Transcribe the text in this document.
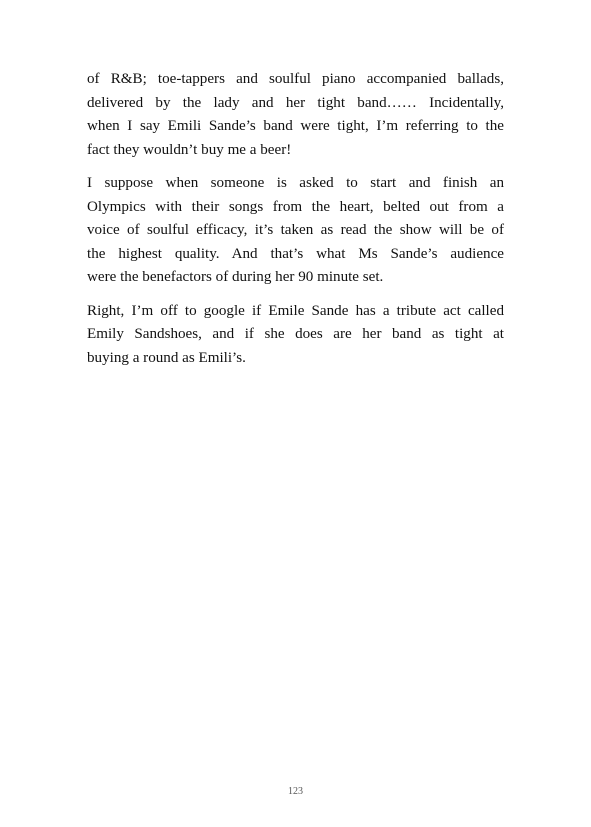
of R&B; toe-tappers and soulful piano accompanied ballads,
delivered by the lady and her tight band…… Incidentally,
when I say Emili Sande’s band were tight, I’m referring to the
fact they wouldn’t buy me a beer!

I suppose when someone is asked to start and finish an
Olympics with their songs from the heart, belted out from a
voice of soulful efficacy, it’s taken as read the show will be of
the highest quality. And that’s what Ms Sande’s audience
were the benefactors of during her 90 minute set.

Right, I’m off to google if Emile Sande has a tribute act called
Emily Sandshoes, and if she does are her band as tight at
buying a round as Emili’s.

123
